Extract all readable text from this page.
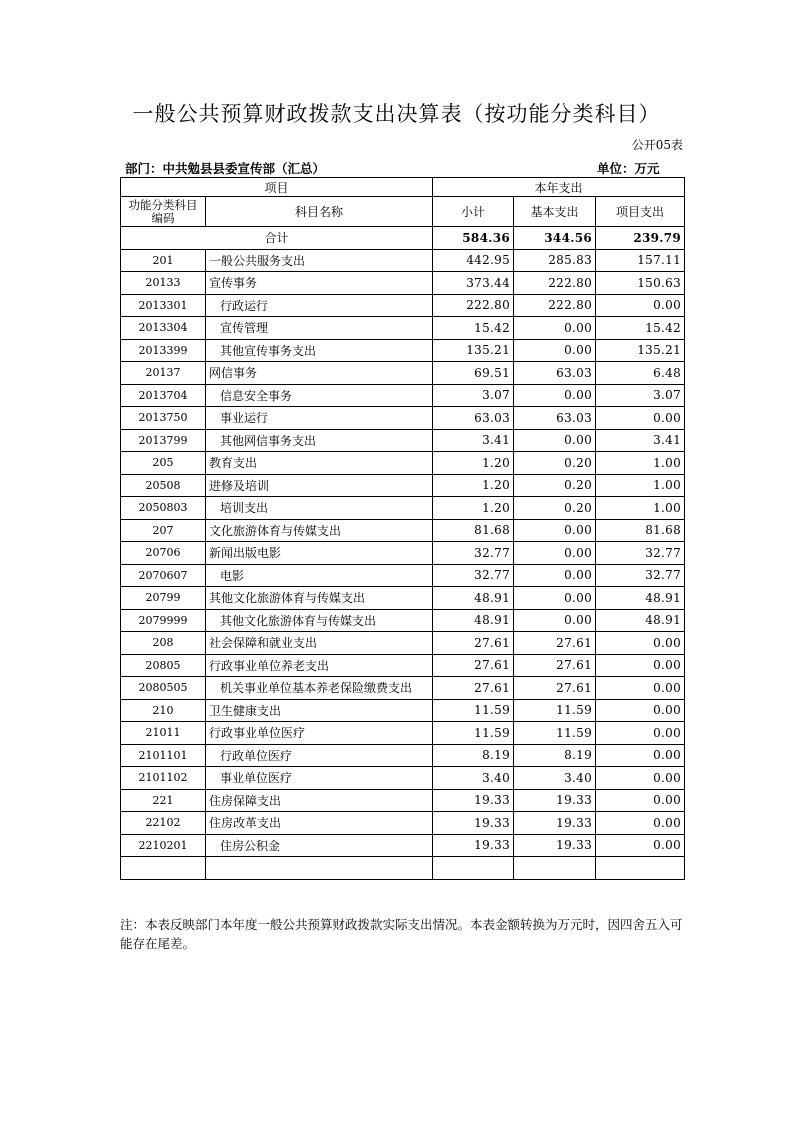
一般公共预算财政拨款支出决算表（按功能分类科目）
公开05表
部门：中共勉县县委宣传部（汇总）	单位：万元
项目		本年支出		
功能分类科目编码	科目名称	小计	基本支出	项目支出
合计		584.36	344.56	239.79
201	一般公共服务支出	442.95	285.83	157.11
20133	宣传事务	373.44	222.80	150.63
2013301	行政运行	222.80	222.80	0.00
2013304	宣传管理	15.42	0.00	15.42
2013399	其他宣传事务支出	135.21	0.00	135.21
20137	网信事务	69.51	63.03	6.48
2013704	信息安全事务	3.07	0.00	3.07
2013750	事业运行	63.03	63.03	0.00
2013799	其他网信事务支出	3.41	0.00	3.41
205	教育支出	1.20	0.20	1.00
20508	进修及培训	1.20	0.20	1.00
2050803	培训支出	1.20	0.20	1.00
207	文化旅游体育与传媒支出	81.68	0.00	81.68
20706	新闻出版电影	32.77	0.00	32.77
2070607	电影	32.77	0.00	32.77
20799	其他文化旅游体育与传媒支出	48.91	0.00	48.91
2079999	其他文化旅游体育与传媒支出	48.91	0.00	48.91
208	社会保障和就业支出	27.61	27.61	0.00
20805	行政事业单位养老支出	27.61	27.61	0.00
2080505	机关事业单位基本养老保险缴费支出	27.61	27.61	0.00
210	卫生健康支出	11.59	11.59	0.00
21011	行政事业单位医疗	11.59	11.59	0.00
2101101	行政单位医疗	8.19	8.19	0.00
2101102	事业单位医疗	3.40	3.40	0.00
221	住房保障支出	19.33	19.33	0.00
22102	住房改革支出	19.33	19.33	0.00
2210201	住房公积金	19.33	19.33	0.00

注：本表反映部门本年度一般公共预算财政拨款实际支出情况。本表金额转换为万元时，因四舍五入可能存在尾差。
